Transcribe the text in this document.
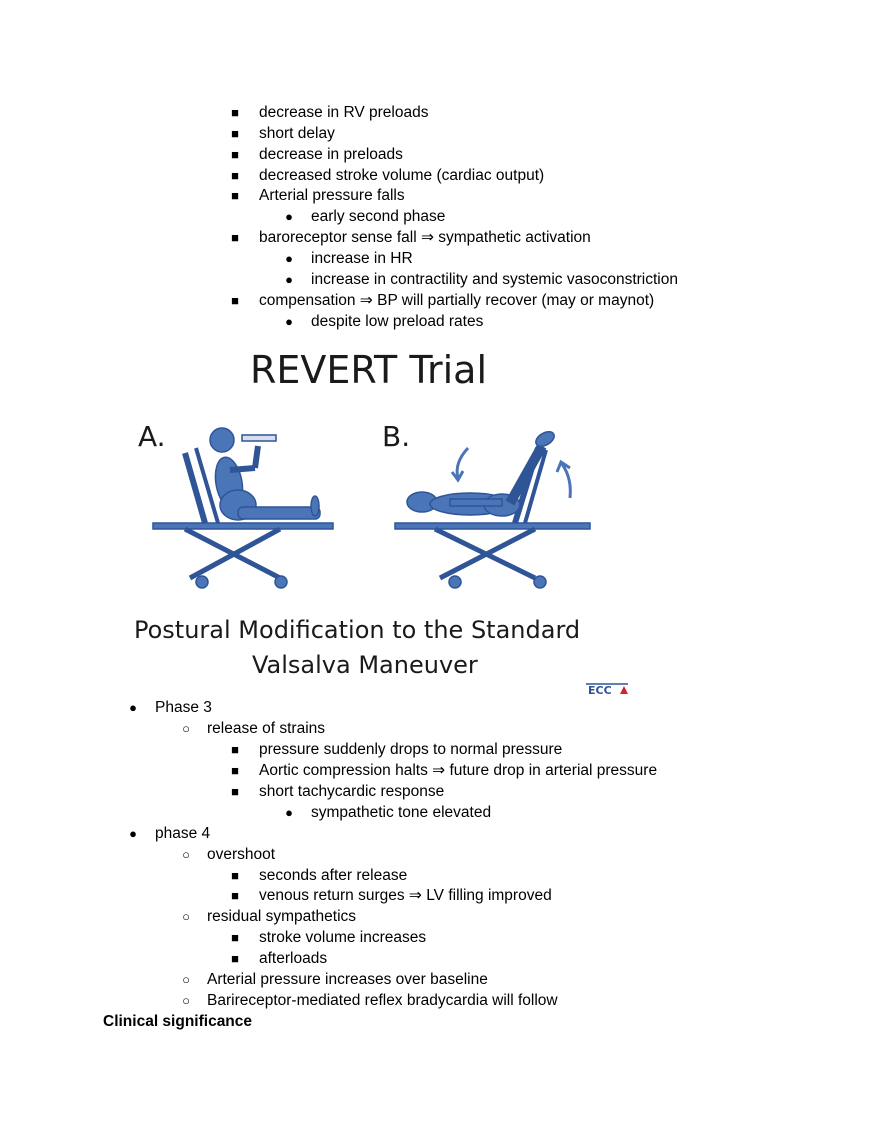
■ decrease in RV preloads
■ short delay
■ decrease in preloads
■ decreased stroke volume (cardiac output)
■ Arterial pressure falls
● early second phase
■ baroreceptor sense fall ⇒ sympathetic activation
● increase in HR
● increase in contractility and systemic vasoconstriction
■ compensation ⇒ BP will partially recover (may or maynot)
● despite low preload rates
REVERT Trial
A.	B.
Postural Modification to the Standard
Valsalva Maneuver
ECC
● Phase 3
○ release of strains
■ pressure suddenly drops to normal pressure
■ Aortic compression halts ⇒ future drop in arterial pressure
■ short tachycardic response
● sympathetic tone elevated
● phase 4
○ overshoot
■ seconds after release
■ venous return surges ⇒ LV filling improved
○ residual sympathetics
■ stroke volume increases
■ afterloads
○ Arterial pressure increases over baseline
○ Barireceptor-mediated reflex bradycardia will follow
Clinical significance
